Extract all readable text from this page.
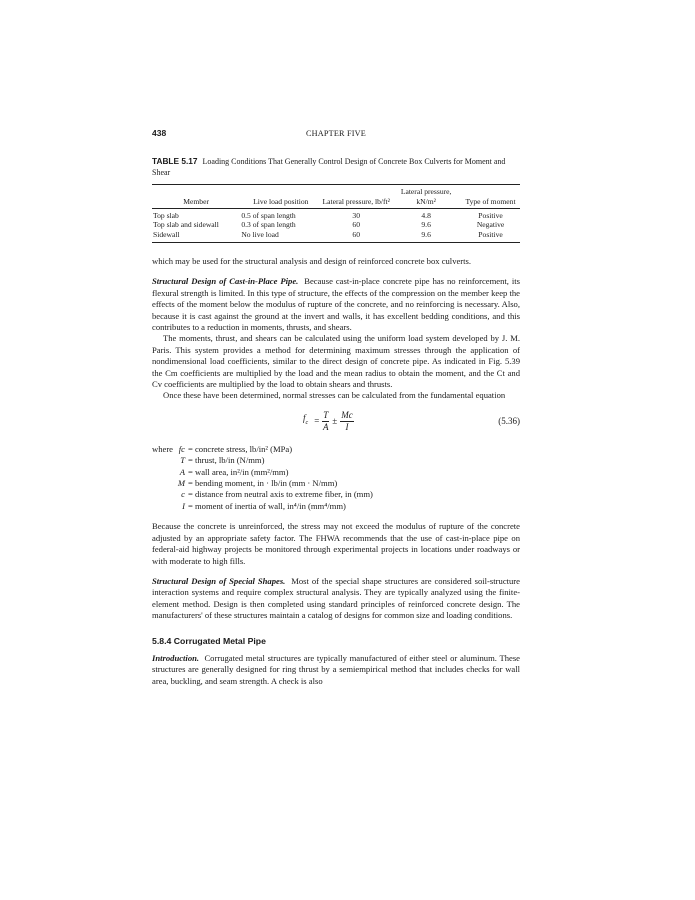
438	CHAPTER FIVE
TABLE 5.17 Loading Conditions That Generally Control Design of Concrete Box Culverts for Moment and Shear
Member	Live load position	Lateral pressure, lb/ft²	Lateral pressure, kN/m²	Type of moment
Top slab	0.5 of span length	30	4.8	Positive
Top slab and sidewall	0.3 of span length	60	9.6	Negative
Sidewall	No live load	60	9.6	Positive

which may be used for the structural analysis and design of reinforced concrete box culverts.

Structural Design of Cast-in-Place Pipe. Because cast-in-place concrete pipe has no reinforcement, its flexural strength is limited. In this type of structure, the effects of the compression on the member keep the effects of the moment below the modulus of rupture of the concrete, and no reinforcing is necessary. Also, because it is cast against the ground at the invert and walls, it has excellent bedding conditions, and this contributes to a reduction in moments, thrusts, and shears.

The moments, thrust, and shears can be calculated using the uniform load system developed by J. M. Paris. This system provides a method for determining maximum stresses through the application of nondimensional load coefficients, similar to the direct design of concrete pipe. As indicated in Fig. 5.39 the Cm coefficients are multiplied by the load and the mean radius to obtain the moment, and the Ct and Cv coefficients are multiplied by the load to obtain shears and thrusts.

Once these have been determined, normal stresses can be calculated from the fundamental equation

$f_c = \frac{T}{A} \pm \frac{Mc}{I}$	(5.36)
where fc = concrete stress, lb/in² (MPa)
T = thrust, lb/in (N/mm)
A = wall area, in²/in (mm²/mm)
M = bending moment, in · lb/in (mm · N/mm)
c = distance from neutral axis to extreme fiber, in (mm)
I = moment of inertia of wall, in⁴/in (mm⁴/mm)

Because the concrete is unreinforced, the stress may not exceed the modulus of rupture of the concrete adjusted by an appropriate safety factor. The FHWA recommends that the use of cast-in-place pipe on federal-aid highway projects be monitored through experimental projects in locations under roadways or with moderate to high fills.

Structural Design of Special Shapes. Most of the special shape structures are considered soil-structure interaction systems and require complex structural analysis. They are typically analyzed using the finite-element method. Design is then completed using standard principles of reinforced concrete design. The manufacturers' of these structures maintain a catalog of designs for common size and loading conditions.

5.8.4 Corrugated Metal Pipe

Introduction. Corrugated metal structures are typically manufactured of either steel or aluminum. These structures are generally designed for ring thrust by a semiempirical method that includes checks for wall area, buckling, and seam strength. A check is also
